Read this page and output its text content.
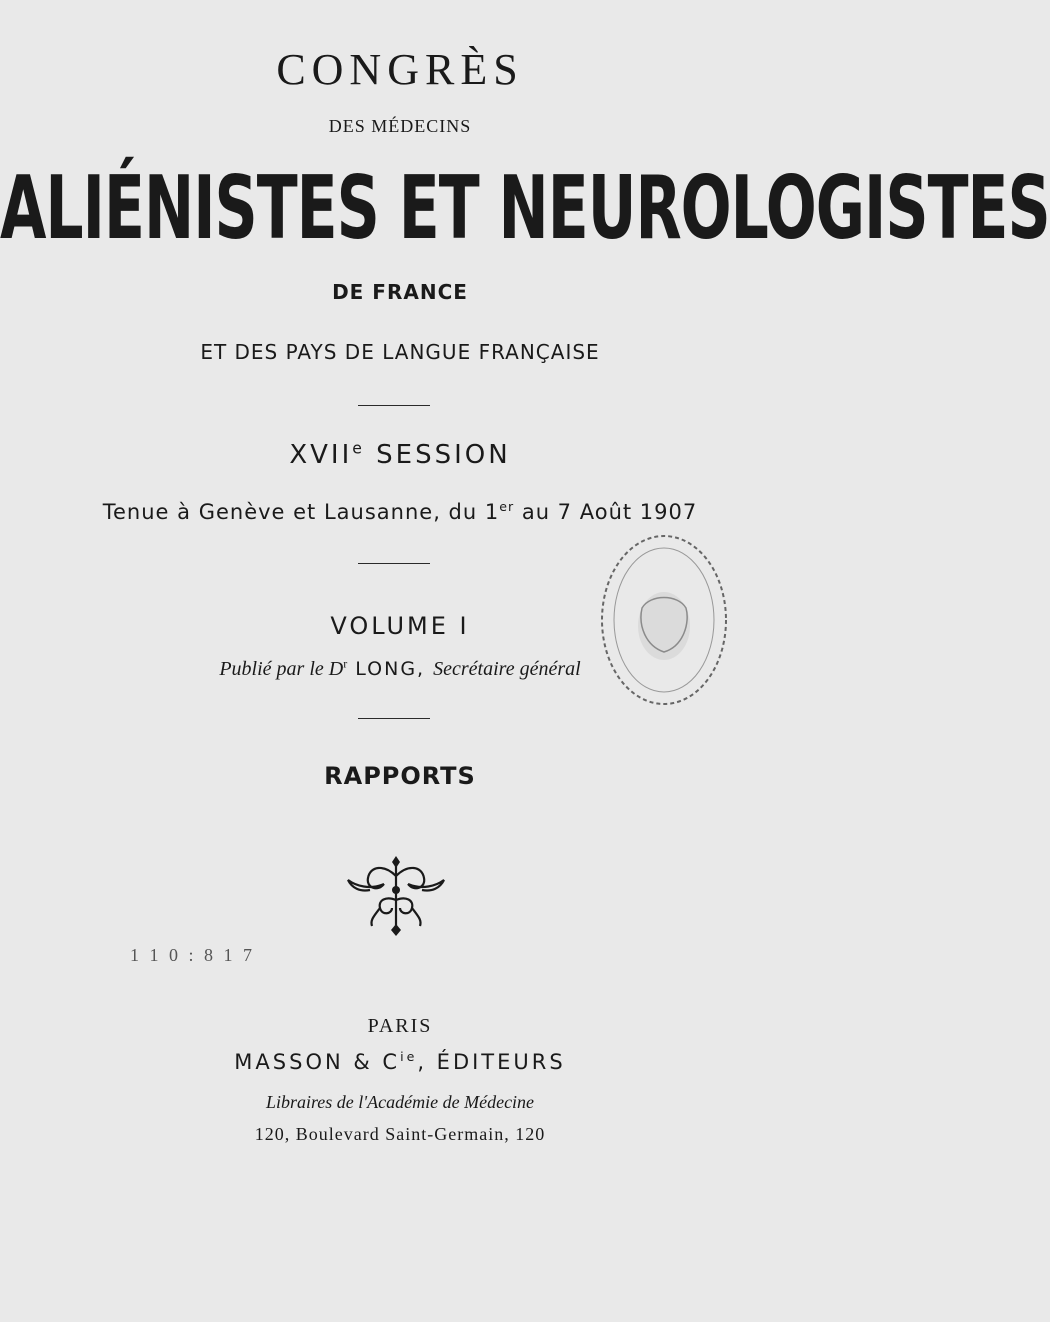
CONGRÈS
DES MÉDECINS
ALIÉNISTES ET NEUROLOGISTES
DE FRANCE
ET DES PAYS DE LANGUE FRANÇAISE
XVIIe SESSION
Tenue à Genève et Lausanne, du 1er au 7 Août 1907
VOLUME I
Publié par le $D^r$ LONG, Secrétaire général
RAPPORTS
1 1 0 : 8 1 7
PARIS
MASSON & $C^{ie}$, ÉDITEURS
Libraires de l'Académie de Médecine
120, Boulevard Saint-Germain, 120
